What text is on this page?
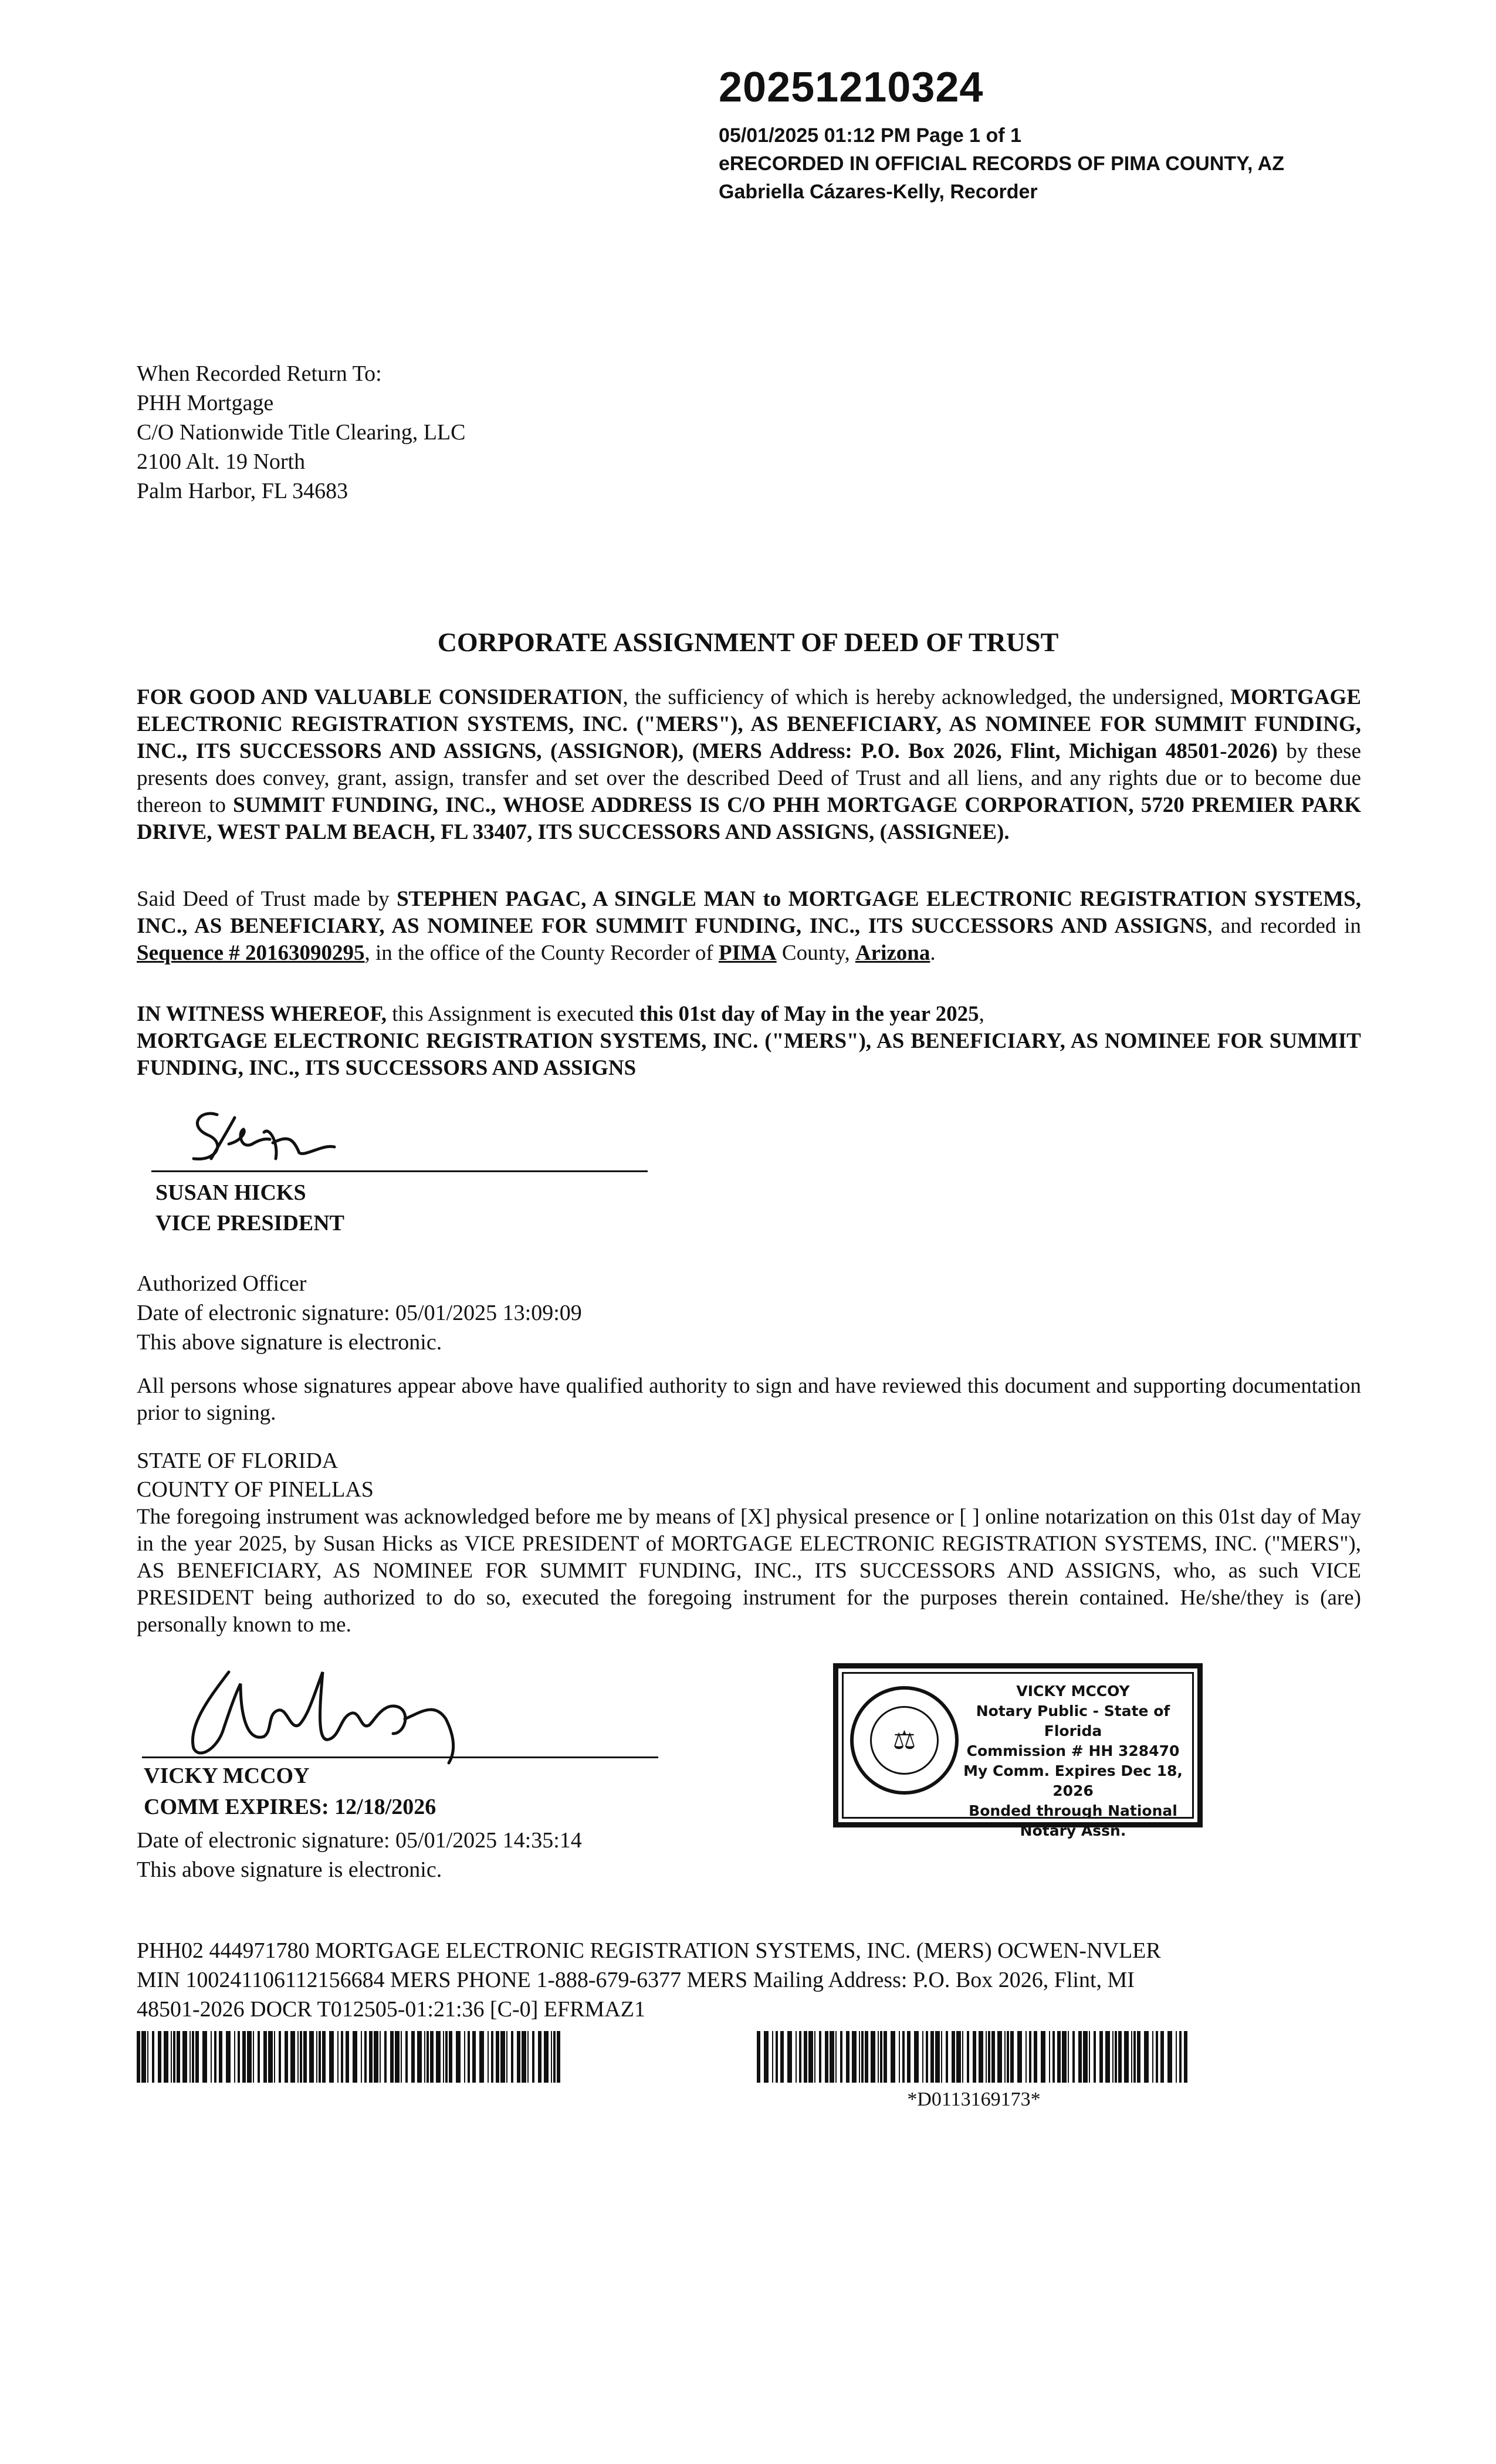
20251210324
05/01/2025 01:12 PM Page 1 of 1
eRECORDED IN OFFICIAL RECORDS OF PIMA COUNTY, AZ
Gabriella Cázares-Kelly, Recorder
When Recorded Return To:
PHH Mortgage
C/O Nationwide Title Clearing, LLC
2100 Alt. 19 North
Palm Harbor, FL 34683
CORPORATE ASSIGNMENT OF DEED OF TRUST
FOR GOOD AND VALUABLE CONSIDERATION, the sufficiency of which is hereby acknowledged, the undersigned, MORTGAGE ELECTRONIC REGISTRATION SYSTEMS, INC. ("MERS"), AS BENEFICIARY, AS NOMINEE FOR SUMMIT FUNDING, INC., ITS SUCCESSORS AND ASSIGNS, (ASSIGNOR), (MERS Address: P.O. Box 2026, Flint, Michigan 48501-2026) by these presents does convey, grant, assign, transfer and set over the described Deed of Trust and all liens, and any rights due or to become due thereon to SUMMIT FUNDING, INC., WHOSE ADDRESS IS C/O PHH MORTGAGE CORPORATION, 5720 PREMIER PARK DRIVE, WEST PALM BEACH, FL 33407, ITS SUCCESSORS AND ASSIGNS, (ASSIGNEE).
Said Deed of Trust made by STEPHEN PAGAC, A SINGLE MAN to MORTGAGE ELECTRONIC REGISTRATION SYSTEMS, INC., AS BENEFICIARY, AS NOMINEE FOR SUMMIT FUNDING, INC., ITS SUCCESSORS AND ASSIGNS, and recorded in Sequence # 20163090295, in the office of the County Recorder of PIMA County, Arizona.
IN WITNESS WHEREOF, this Assignment is executed this 01st day of May in the year 2025,
MORTGAGE ELECTRONIC REGISTRATION SYSTEMS, INC. ("MERS"), AS BENEFICIARY, AS NOMINEE FOR SUMMIT FUNDING, INC., ITS SUCCESSORS AND ASSIGNS
SUSAN HICKS
VICE PRESIDENT
Authorized Officer
Date of electronic signature: 05/01/2025 13:09:09
This above signature is electronic.
All persons whose signatures appear above have qualified authority to sign and have reviewed this document and supporting documentation prior to signing.
STATE OF FLORIDA
COUNTY OF PINELLAS
The foregoing instrument was acknowledged before me by means of [X] physical presence or [ ] online notarization on this 01st day of May in the year 2025, by Susan Hicks as VICE PRESIDENT of MORTGAGE ELECTRONIC REGISTRATION SYSTEMS, INC. ("MERS"), AS BENEFICIARY, AS NOMINEE FOR SUMMIT FUNDING, INC., ITS SUCCESSORS AND ASSIGNS, who, as such VICE PRESIDENT being authorized to do so, executed the foregoing instrument for the purposes therein contained. He/she/they is (are) personally known to me.
VICKY MCCOY
COMM EXPIRES: 12/18/2026
Date of electronic signature: 05/01/2025 14:35:14
This above signature is electronic.
⚖
VICKY MCCOY
Notary Public - State of Florida
Commission # HH 328470
My Comm. Expires Dec 18, 2026
Bonded through National Notary Assn.
PHH02 444971780 MORTGAGE ELECTRONIC REGISTRATION SYSTEMS, INC. (MERS) OCWEN-NVLER
MIN 100241106112156684 MERS PHONE 1-888-679-6377 MERS Mailing Address: P.O. Box 2026, Flint, MI
48501-2026 DOCR T012505-01:21:36 [C-0] EFRMAZ1
*D0113169173*
